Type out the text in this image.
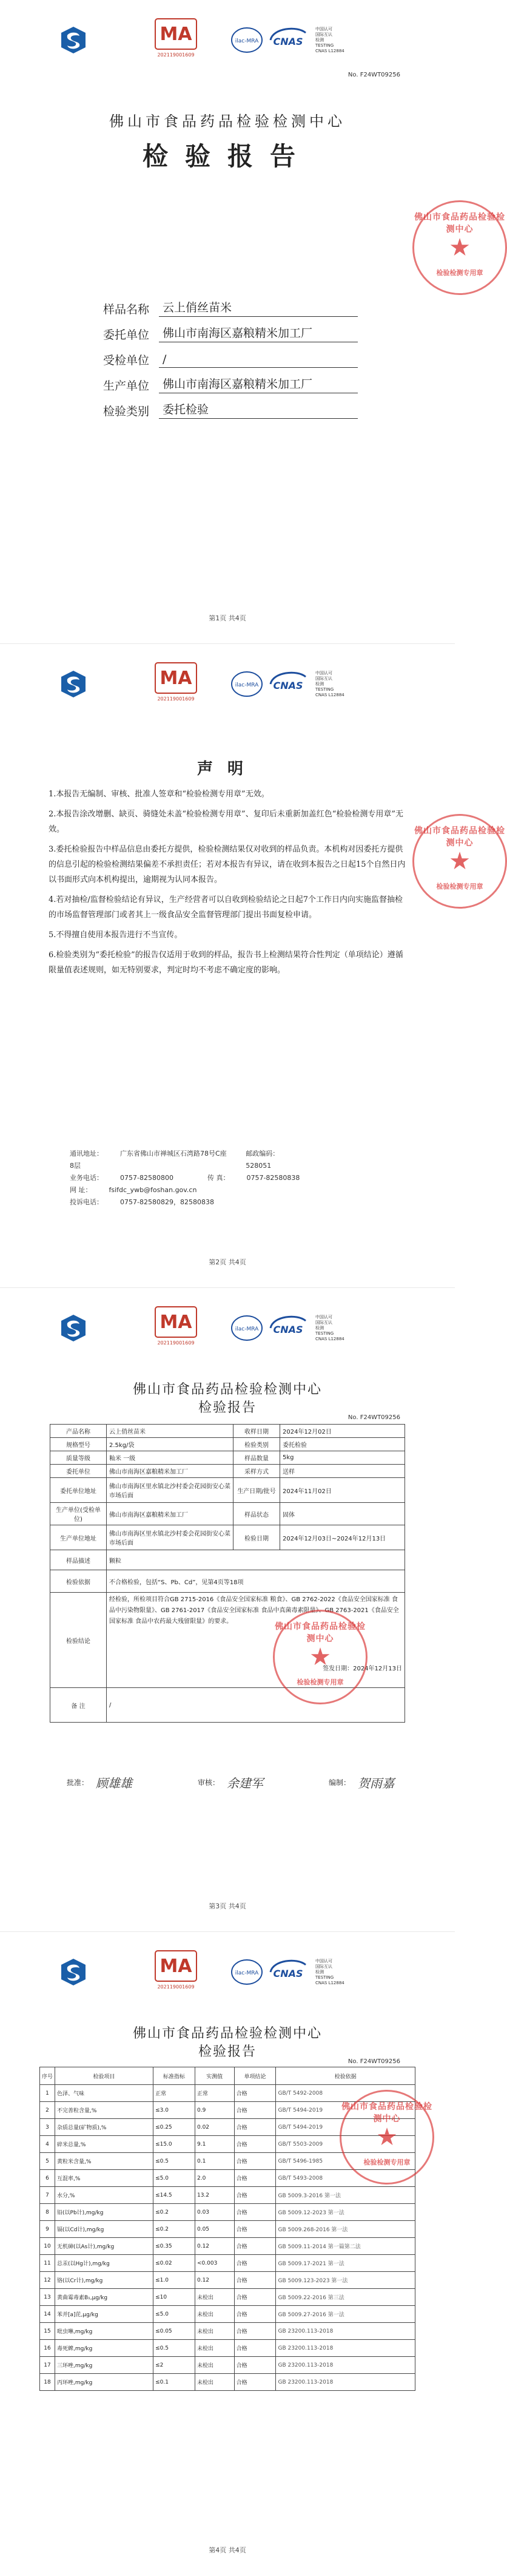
MA
202119001609
ilac-MRA CNAS
中国认可
国际互认
检测
TESTING
CNAS L12884
No. F24WT09256
佛山市食品药品检验检测中心
检验报告
佛山市食品药品检验检测中心
★
检验检测专用章
样品名称	云上俏丝苗米
委托单位	佛山市南海区嘉粮精米加工厂
受检单位	/
生产单位	佛山市南海区嘉粮精米加工厂
检验类别	委托检验
第1页 共4页
MA
202119001609
ilac-MRA CNAS
中国认可
国际互认
检测
TESTING
CNAS L12884
声明

1.本报告无编制、审核、批准人签章和“检验检测专用章”无效。

2.本报告涂改增删、缺页、骑缝处未盖“检验检测专用章”、复印后未重新加盖红色“检验检测专用章”无效。

3.委托检验报告中样品信息由委托方提供，检验检测结果仅对收到的样品负责。本机构对因委托方提供的信息引起的检验检测结果偏差不承担责任；若对本报告有异议，请在收到本报告之日起15个自然日内以书面形式向本机构提出，逾期视为认同本报告。

4.若对抽检/监督检验结论有异议，生产经营者可以自收到检验结论之日起7个工作日内向实施监督抽检的市场监督管理部门或者其上一级食品安全监督管理部门提出书面复检申请。

5.不得擅自使用本报告进行不当宣传。

6.检验类别为“委托检验”的报告仅适用于收到的样品，报告书上检测结果符合性判定（单项结论）遵循限量值表述规则，如无特别要求，判定时均不考虑不确定度的影响。

佛山市食品药品检验检测中心
★
检验检测专用章
通讯地址：	广东省佛山市禅城区石湾路78号C座8层
邮政编码：528051
业务电话：	0757-82580800	传 真：	0757-82580838
网 址：	fsifdc_ywb@foshan.gov.cn
投诉电话：	0757-82580829，82580838
第2页 共4页
MA
202119001609
ilac-MRA CNAS
中国认可
国际互认
检测
TESTING
CNAS L12884
佛山市食品药品检验检测中心
检验报告
No. F24WT09256
产品名称	云上俏丝苗米	收样日期	2024年12月02日
规格型号	2.5kg/袋	检验类别	委托检验
质量等级	籼米 一级	样品数量	5kg
委托单位	佛山市南海区嘉粮精米加工厂	采样方式	送样
委托单位地址	佛山市南海区里水镇北沙村委会花园街安心菜市场后面	生产日期/批号	2024年11月02日
生产单位(受检单位)	佛山市南海区嘉粮精米加工厂	样品状态	固体
生产单位地址	佛山市南海区里水镇北沙村委会花园街安心菜市场后面	检验日期	2024年12月03日~2024年12月13日
样品描述	颗粒		
检验依据	不合格检验，包括“S、Pb、Cd”，见第4页等18项		
检验结论	经检验，所检项目符合GB 2715-2016《食品安全国家标准 粮食》、GB 2762-2022《食品安全国家标准 食品中污染物限量》、GB 2761-2017《食品安全国家标准 食品中真菌毒素限量》、GB 2763-2021《食品安全国家标准 食品中农药最大残留限量》的要求。
签发日期：2024年12月13日		

备 注	/		
佛山市食品药品检验检测中心
★
检验检测专用章
批准： 顾雄雄	审核： 余建军	编制： 贺雨嘉
第3页 共4页
MA
202119001609
ilac-MRA CNAS
中国认可
国际互认
检测
TESTING
CNAS L12884
佛山市食品药品检验检测中心
检验报告
No. F24WT09256
序号	检验项目	标准指标	实测值	单项结论	检验依据
1	色泽、气味	正常	正常	合格	GB/T 5492-2008
2	不完善粒含量,%	≤3.0	0.9	合格	GB/T 5494-2019
3	杂质总量(矿物质),%	≤0.25	0.02	合格	GB/T 5494-2019
4	碎米总量,%	≤15.0	9.1	合格	GB/T 5503-2009
5	黄粒米含量,%	≤0.5	0.1	合格	GB/T 5496-1985
6	互混率,%	≤5.0	2.0	合格	GB/T 5493-2008
7	水分,%	≤14.5	13.2	合格	GB 5009.3-2016 第一法
8	铅(以Pb计),mg/kg	≤0.2	0.03	合格	GB 5009.12-2023 第一法
9	镉(以Cd计),mg/kg	≤0.2	0.05	合格	GB 5009.268-2016 第一法
10	无机砷(以As计),mg/kg	≤0.35	0.12	合格	GB 5009.11-2014 第一篇第二法
11	总汞(以Hg计),mg/kg	≤0.02	<0.003	合格	GB 5009.17-2021 第一法
12	铬(以Cr计),mg/kg	≤1.0	0.12	合格	GB 5009.123-2023 第一法
13	黄曲霉毒素B₁,μg/kg	≤10	未检出	合格	GB 5009.22-2016 第三法
14	苯并[a]芘,μg/kg	≤5.0	未检出	合格	GB 5009.27-2016 第一法
15	吡虫啉,mg/kg	≤0.05	未检出	合格	GB 23200.113-2018
16	毒死蜱,mg/kg	≤0.5	未检出	合格	GB 23200.113-2018
17	三环唑,mg/kg	≤2	未检出	合格	GB 23200.113-2018
18	丙环唑,mg/kg	≤0.1	未检出	合格	GB 23200.113-2018
佛山市食品药品检验检测中心
★
检验检测专用章
第4页 共4页
